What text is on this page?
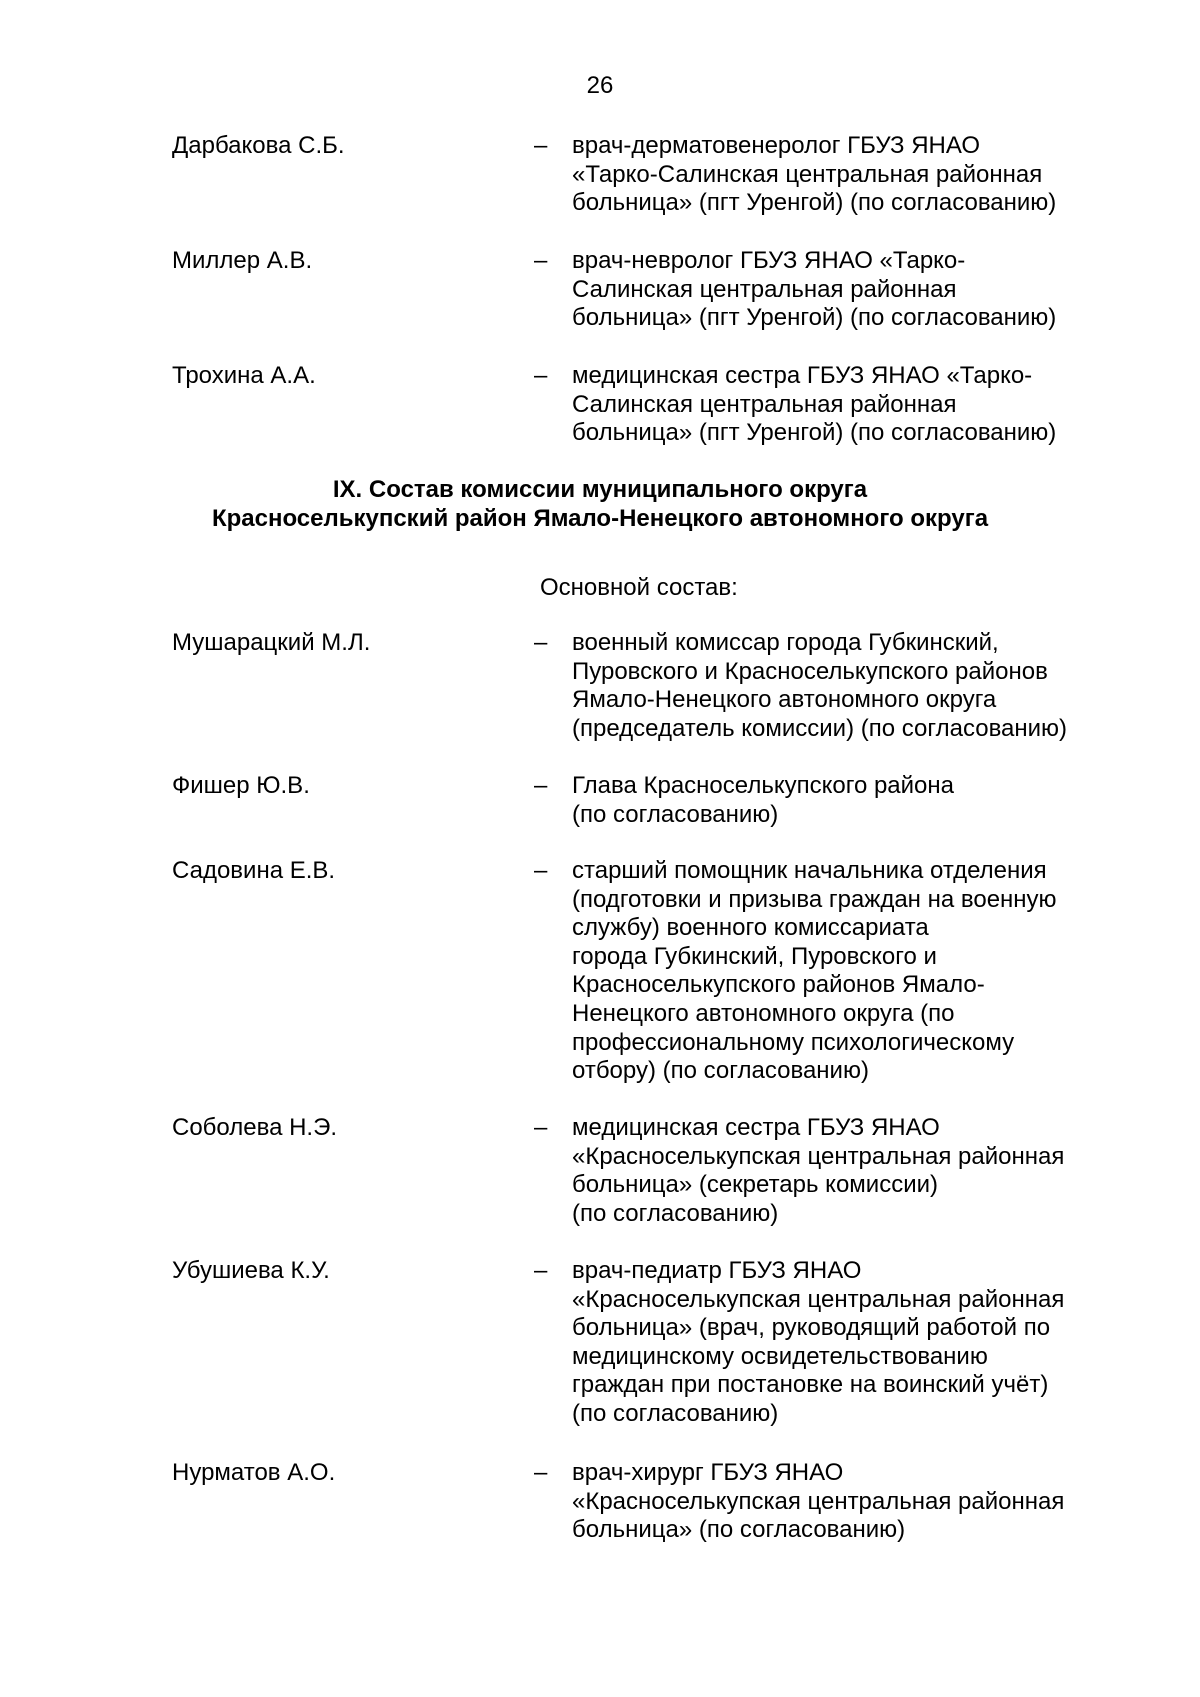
26
Дарбакова С.Б.	–	врач-дерматовенеролог ГБУЗ ЯНАО
«Тарко-Салинская центральная районная
больница» (пгт Уренгой) (по согласованию)
Миллер А.В.	–	врач-невролог ГБУЗ ЯНАО «Тарко-
Салинская центральная районная
больница» (пгт Уренгой) (по согласованию)
Трохина А.А.	–	медицинская сестра ГБУЗ ЯНАО «Тарко-
Салинская центральная районная
больница» (пгт Уренгой) (по согласованию)
IX. Состав комиссии муниципального округа
Красноселькупский район Ямало-Ненецкого автономного округа
Основной состав:
Мушарацкий М.Л.	–	военный комиссар города Губкинский,
Пуровского и Красноселькупского районов
Ямало-Ненецкого автономного округа
(председатель комиссии) (по согласованию)
Фишер Ю.В.	–	Глава Красноселькупского района
(по согласованию)
Садовина Е.В.	–	старший помощник начальника отделения
(подготовки и призыва граждан на военную
службу) военного комиссариата
города Губкинский, Пуровского и
Красноселькупского районов Ямало-
Ненецкого автономного округа (по
профессиональному психологическому
отбору) (по согласованию)
Соболева Н.Э.	–	медицинская сестра ГБУЗ ЯНАО
«Красноселькупская центральная районная
больница» (секретарь комиссии)
(по согласованию)
Убушиева К.У.	–	врач-педиатр ГБУЗ ЯНАО
«Красноселькупская центральная районная
больница» (врач, руководящий работой по
медицинскому освидетельствованию
граждан при постановке на воинский учёт)
(по согласованию)
Нурматов А.О.	–	врач-хирург ГБУЗ ЯНАО
«Красноселькупская центральная районная
больница» (по согласованию)
